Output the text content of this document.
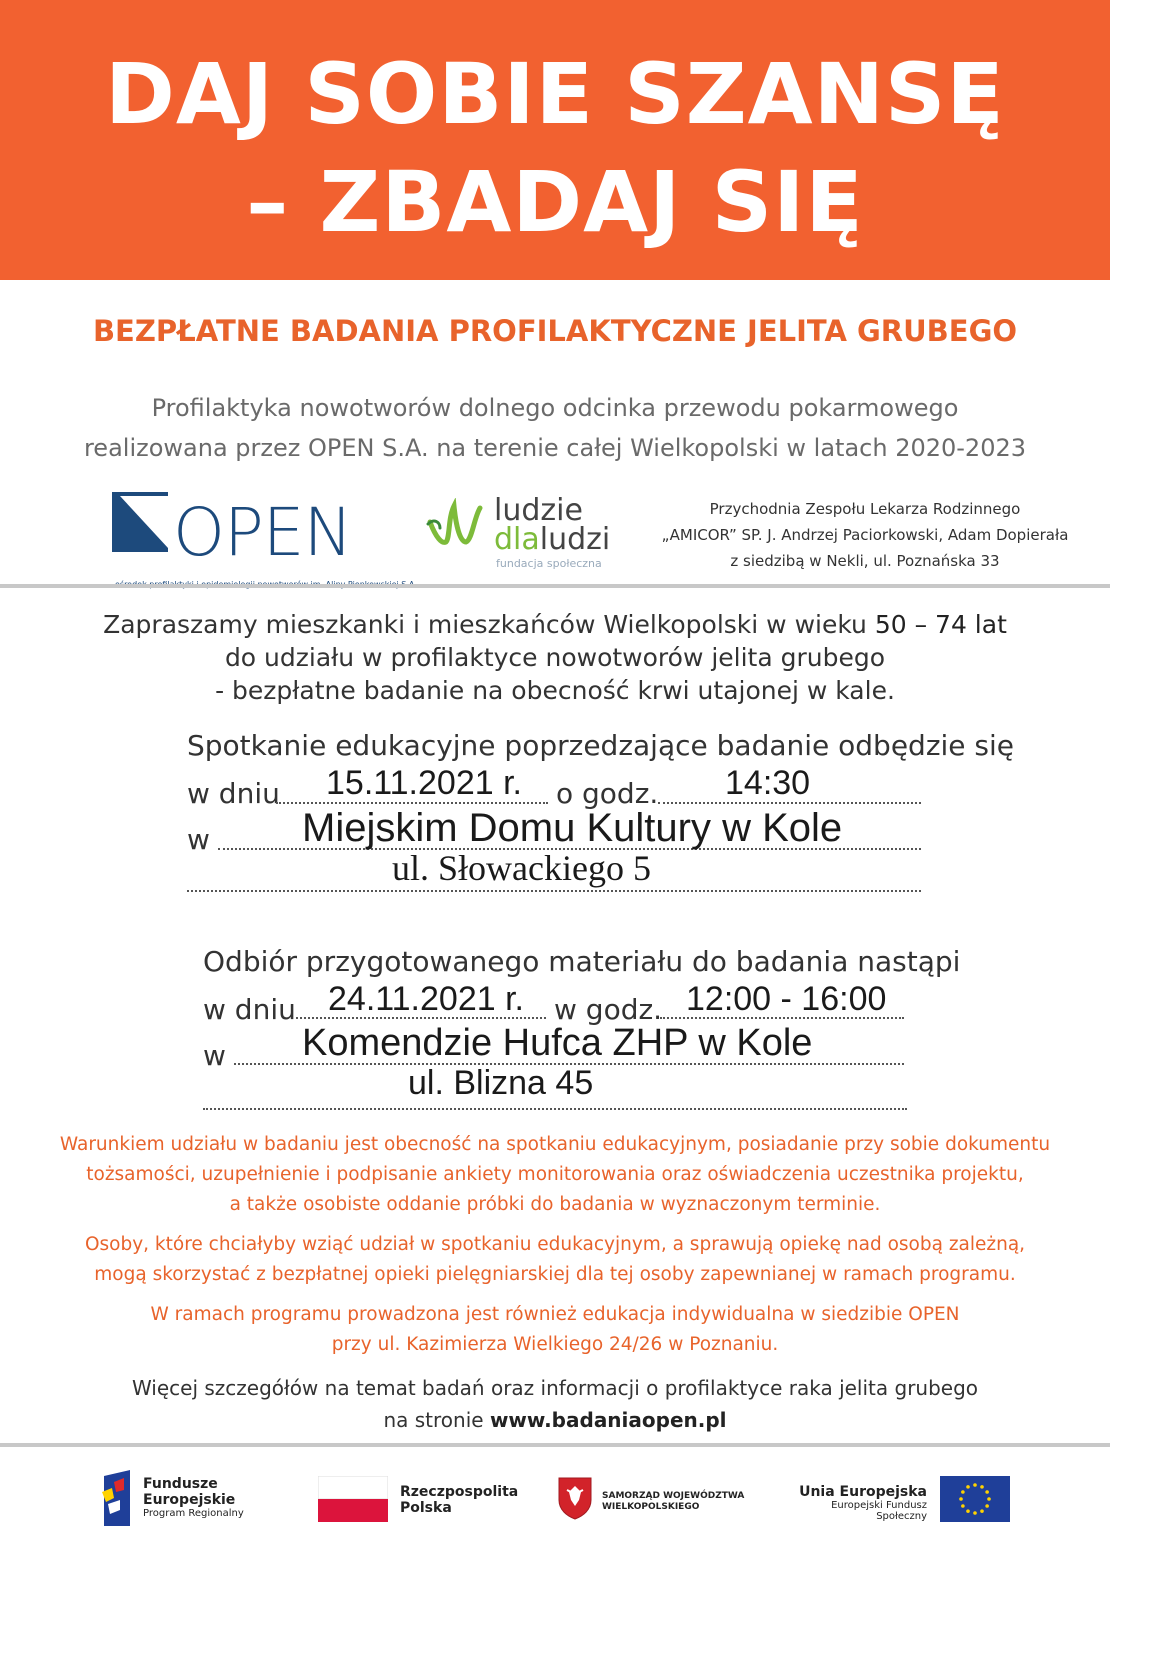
DAJ SOBIE SZANSĘ
– ZBADAJ SIĘ
BEZPŁATNE BADANIA PROFILAKTYCZNE JELITA GRUBEGO
Profilaktyka nowotworów dolnego odcinka przewodu pokarmowego
realizowana przez OPEN S.A. na terenie całej Wielkopolski w latach 2020-2023
OPEN	ludzie
dlaludzi
fundacja społeczna
Przychodnia Zespołu Lekarza Rodzinnego
„AMICOR” SP. J. Andrzej Paciorkowski, Adam Dopierała
z siedzibą w Nekli, ul. Poznańska 33
Zapraszamy mieszkanki i mieszkańców Wielkopolski w wieku 50 – 74 lat
do udziału w profilaktyce nowotworów jelita grubego
- bezpłatne badanie na obecność krwi utajonej w kale.
Spotkanie edukacyjne poprzedzające badanie odbędzie się
w dniu 15.11.2021 r. o godz. 14:30
w Miejskim Domu Kultury w Kole
ul. Słowackiego 5
Odbiór przygotowanego materiału do badania nastąpi
w dniu 24.11.2021 r. w godz. 12:00 - 16:00
w Komendzie Hufca ZHP w Kole
ul. Blizna 45
Warunkiem udziału w badaniu jest obecność na spotkaniu edukacyjnym, posiadanie przy sobie dokumentu
tożsamości, uzupełnienie i podpisanie ankiety monitorowania oraz oświadczenia uczestnika projektu,
a także osobiste oddanie próbki do badania w wyznaczonym terminie.
Osoby, które chciałyby wziąć udział w spotkaniu edukacyjnym, a sprawują opiekę nad osobą zależną,
mogą skorzystać z bezpłatnej opieki pielęgniarskiej dla tej osoby zapewnianej w ramach programu.
W ramach programu prowadzona jest również edukacja indywidualna w siedzibie OPEN
przy ul. Kazimierza Wielkiego 24/26 w Poznaniu.
Więcej szczegółów na temat badań oraz informacji o profilaktyce raka jelita grubego
na stronie www.badaniaopen.pl
Fundusze
Europejskie
Program Regionalny
Rzeczpospolita
Polska
SAMORZĄD WOJEWÓDZTWA
WIELKOPOLSKIEGO
Unia Europejska
Europejski Fundusz Społeczny
